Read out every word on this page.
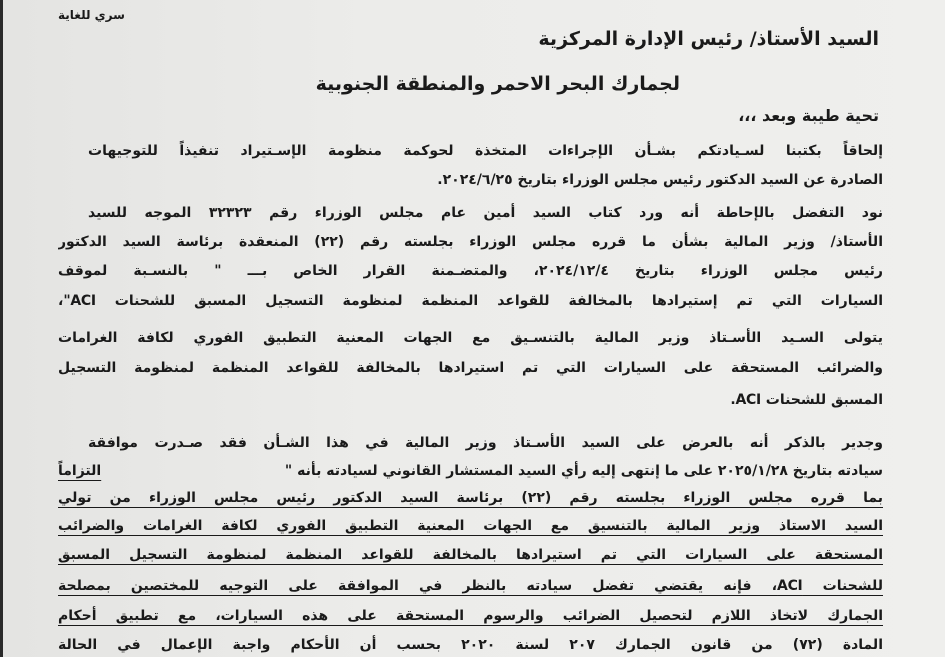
سري للغاية
السيد الأستاذ/ رئيس الإدارة المركزية
لجمارك البحر الاحمر والمنطقة الجنوبية
تحية طيبة وبعد ،،،
إلحاقاً بكتبنا لسـيادتكم بشـأن الإجراءات المتخذة لحوكمة منظومة الإسـتيراد تنفيذاً للتوجيهات
الصادرة عن السيد الدكتور رئيس مجلس الوزراء بتاريخ ٢٠٢٤/٦/٢٥.
نود التفضل بالإحاطة أنه ورد كتاب السيد أمين عام مجلس الوزراء رقم ٣٢٣٢٣ الموجه للسيد
الأستاذ/ وزير المالية بشأن ما قرره مجلس الوزراء بجلسته رقم (٢٢) المنعقدة برئاسة السيد الدكتور
رئيس مجلس الوزراء بتاريخ ٢٠٢٤/١٢/٤، والمتضـمنة القرار الخاص بـــ " بالنسـبة لموقف
السيارات التي تم إستيرادها بالمخالفة للقواعد المنظمة لمنظومة التسجيل المسبق للشحنات ACI"،
يتولى السـيد الأسـتاذ وزير المالية بالتنسـيق مع الجهات المعنية التطبيق الفوري لكافة الغرامات
والضرائب المستحقة على السيارات التي تم استيرادها بالمخالفة للقواعد المنظمة لمنظومة التسجيل
المسبق للشحنات ACI.
وجدير بالذكر أنه بالعرض على السيد الأسـتاذ وزير المالية في هذا الشـأن فقد صـدرت موافقة
سيادته بتاريخ ٢٠٢٥/١/٢٨ على ما إنتهى إليه رأي السيد المستشار القانوني لسيادته بأنه "
التزاماً
بما قرره مجلس الوزراء بجلسته رقم (٢٢) برئاسة السيد الدكتور رئيس مجلس الوزراء من تولي
السيد الاستاذ وزير المالية بالتنسيق مع الجهات المعنية التطبيق الفوري لكافة الغرامات والضرائب
المستحقة على السيارات التي تم استيرادها بالمخالفة للقواعد المنظمة لمنظومة التسجيل المسبق
للشحنات ACI، فإنه يقتضي تفضل سيادته بالنظر في الموافقة على التوجيه للمختصين بمصلحة
الجمارك لاتخاذ اللازم لتحصيل الضرائب والرسوم المستحقة على هذه السيارات، مع تطبيق أحكام
المادة (٧٢) من قانون الجمارك ٢٠٧ لسنة ٢٠٢٠ بحسب أن الأحكام واجبة الإعمال في الحالة
